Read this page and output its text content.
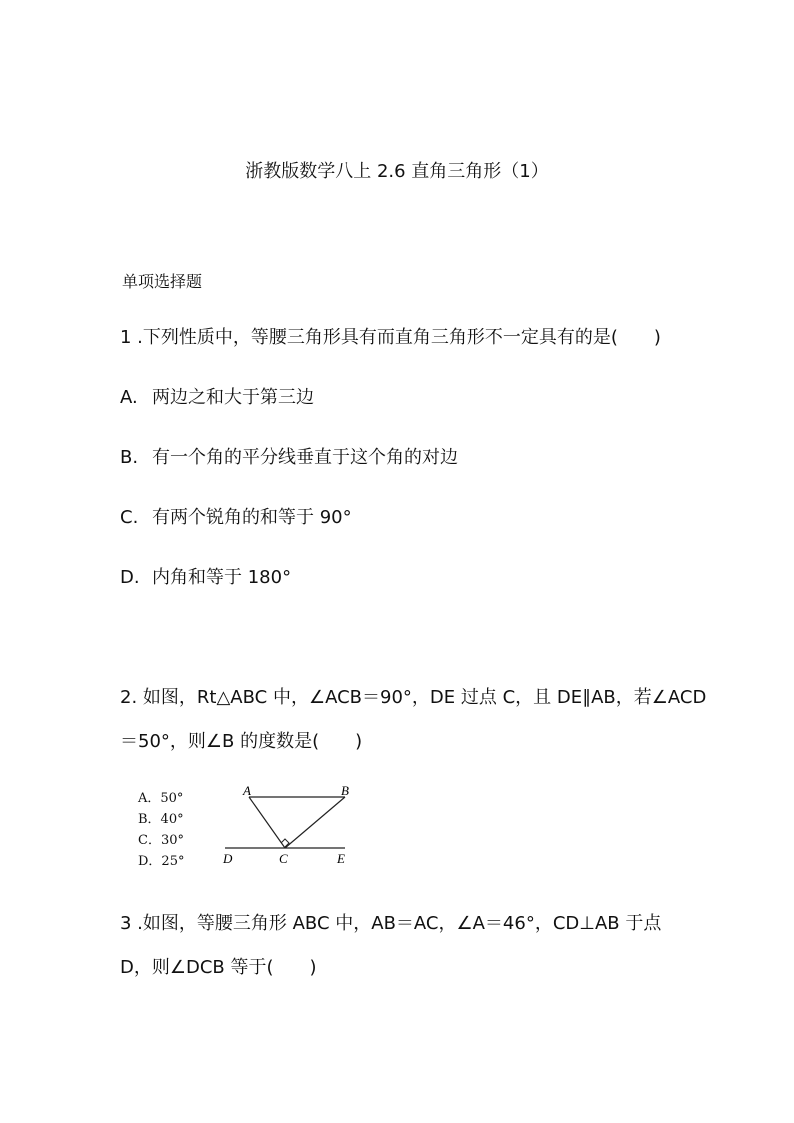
浙教版数学八上 2.6 直角三角形（1）
单项选择题
1 .下列性质中，等腰三角形具有而直角三角形不一定具有的是(　　)
A. 两边之和大于第三边
B. 有一个角的平分线垂直于这个角的对边
C. 有两个锐角的和等于 90°
D. 内角和等于 180°
2. 如图，Rt△ABC 中，∠ACB＝90°，DE 过点 C，且 DE∥AB，若∠ACD
＝50°，则∠B 的度数是(　　)
A．50°
B．40°
C．30°
D．25°
A	B
C
D	E
3 .如图，等腰三角形 ABC 中，AB＝AC，∠A＝46°，CD⊥AB 于点
D，则∠DCB 等于(　　)
